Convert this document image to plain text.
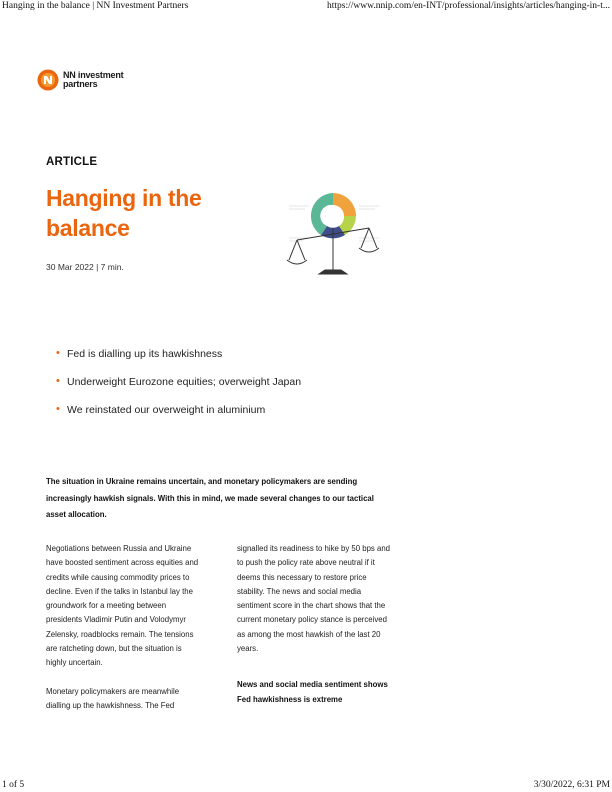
Hanging in the balance | NN Investment Partners	https://www.nnip.com/en-INT/professional/insights/articles/hanging-in-t...
NN investment
partners
ARTICLE
Hanging in the balance
30 Mar 2022 | 7 min.
• Fed is dialling up its hawkishness
• Underweight Eurozone equities; overweight Japan
• We reinstated our overweight in aluminium
The situation in Ukraine remains uncertain, and monetary policymakers are sending increasingly hawkish signals. With this in mind, we made several changes to our tactical asset allocation.

Negotiations between Russia and Ukraine have boosted sentiment across equities and credits while causing commodity prices to decline. Even if the talks in Istanbul lay the groundwork for a meeting between presidents Vladimir Putin and Volodymyr Zelensky, roadblocks remain. The tensions are ratcheting down, but the situation is highly uncertain.

Monetary policymakers are meanwhile dialling up the hawkishness. The Fed

signalled its readiness to hike by 50 bps and to push the policy rate above neutral if it deems this necessary to restore price stability. The news and social media sentiment score in the chart shows that the current monetary policy stance is perceived as among the most hawkish of the last 20 years.

News and social media sentiment shows Fed hawkishness is extreme

1 of 5	3/30/2022, 6:31 PM
